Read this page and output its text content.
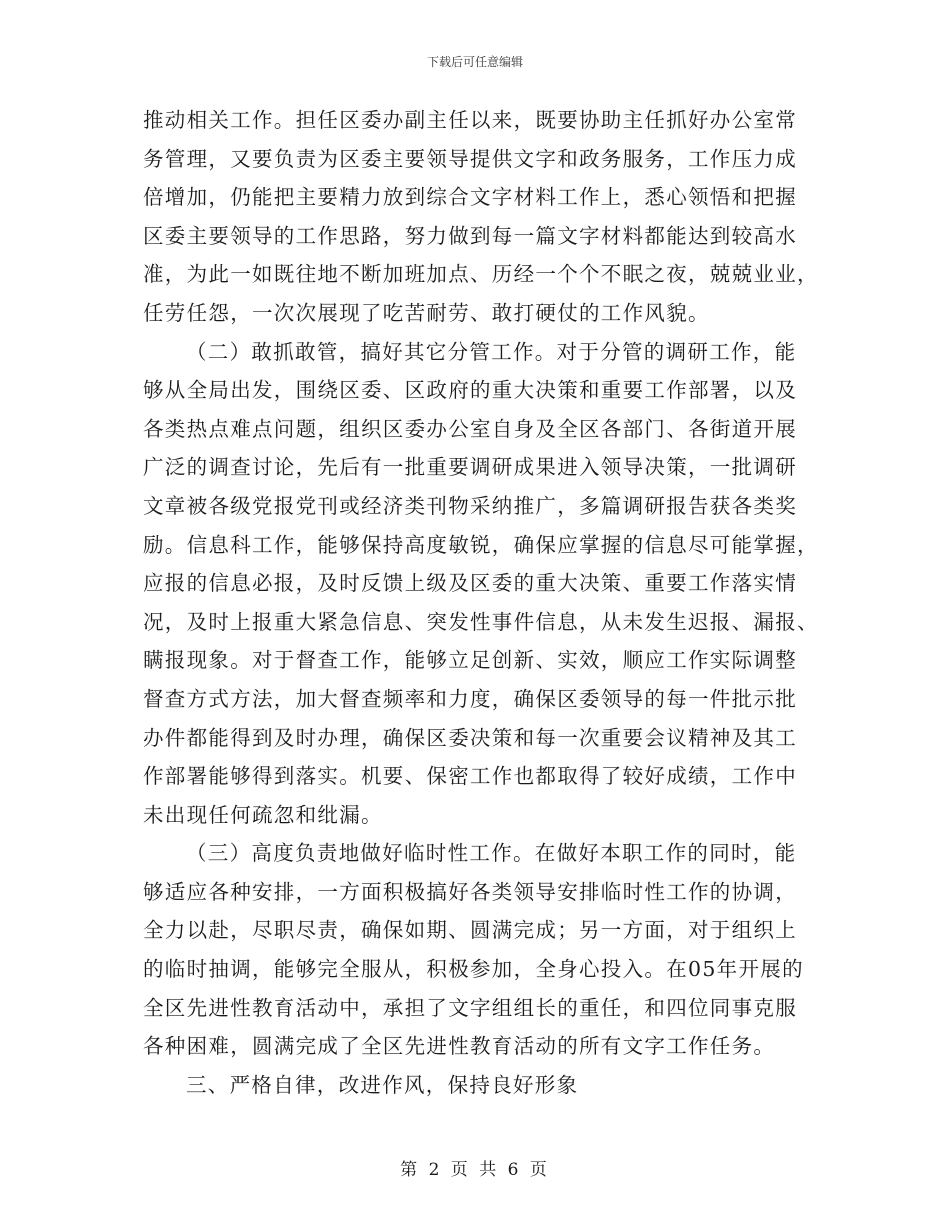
下载后可任意编辑
推动相关工作。担任区委办副主任以来，既要协助主任抓好办公室常
务管理，又要负责为区委主要领导提供文字和政务服务，工作压力成
倍增加，仍能把主要精力放到综合文字材料工作上，悉心领悟和把握
区委主要领导的工作思路，努力做到每一篇文字材料都能达到较高水
准，为此一如既往地不断加班加点、历经一个个不眠之夜，兢兢业业，
任劳任怨，一次次展现了吃苦耐劳、敢打硬仗的工作风貌。
（二）敢抓敢管，搞好其它分管工作。对于分管的调研工作，能
够从全局出发，围绕区委、区政府的重大决策和重要工作部署，以及
各类热点难点问题，组织区委办公室自身及全区各部门、各街道开展
广泛的调查讨论，先后有一批重要调研成果进入领导决策，一批调研
文章被各级党报党刊或经济类刊物采纳推广，多篇调研报告获各类奖
励。信息科工作，能够保持高度敏锐，确保应掌握的信息尽可能掌握，
应报的信息必报，及时反馈上级及区委的重大决策、重要工作落实情
况，及时上报重大紧急信息、突发性事件信息，从未发生迟报、漏报、
瞒报现象。对于督查工作，能够立足创新、实效，顺应工作实际调整
督查方式方法，加大督查频率和力度，确保区委领导的每一件批示批
办件都能得到及时办理，确保区委决策和每一次重要会议精神及其工
作部署能够得到落实。机要、保密工作也都取得了较好成绩，工作中
未出现任何疏忽和纰漏。
（三）高度负责地做好临时性工作。在做好本职工作的同时，能
够适应各种安排，一方面积极搞好各类领导安排临时性工作的协调，
全力以赴，尽职尽责，确保如期、圆满完成；另一方面，对于组织上
的临时抽调，能够完全服从，积极参加，全身心投入。在05年开展的
全区先进性教育活动中，承担了文字组组长的重任，和四位同事克服
各种困难，圆满完成了全区先进性教育活动的所有文字工作任务。
三、严格自律，改进作风，保持良好形象
第 2 页 共 6 页
